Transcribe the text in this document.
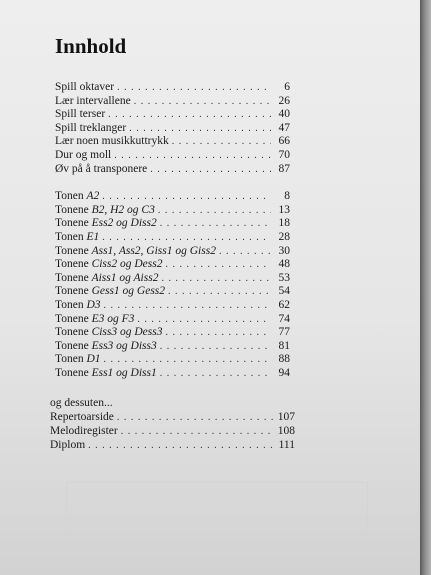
Innhold
Spill oktaver . . .	6
Lær intervallene . . .	26
Spill terser . . .	40
Spill treklanger . . .	47
Lær noen musikkuttrykk . . .	66
Dur og moll . . .	70
Øv på å transponere . . .	87
Tonen A2 . . .	8
Tonene B2, H2 og C3 . . .	13
Tonene Ess2 og Diss2 . . .	18
Tonen E1 . . .	28
Tonene Ass1, Ass2, Giss1 og Giss2 . . .	30
Tonene Ciss2 og Dess2 . . .	48
Tonene Aiss1 og Aiss2 . . .	53
Tonene Gess1 og Gess2 . . .	54
Tonen D3 . . .	62
Tonene E3 og F3 . . .	74
Tonene Ciss3 og Dess3 . . .	77
Tonene Ess3 og Diss3 . . .	81
Tonen D1 . . .	88
Tonene Ess1 og Diss1 . . .	94
og dessuten...
Repertoarside . . .	107
Melodiregister . . .	108
Diplom . . .	111
